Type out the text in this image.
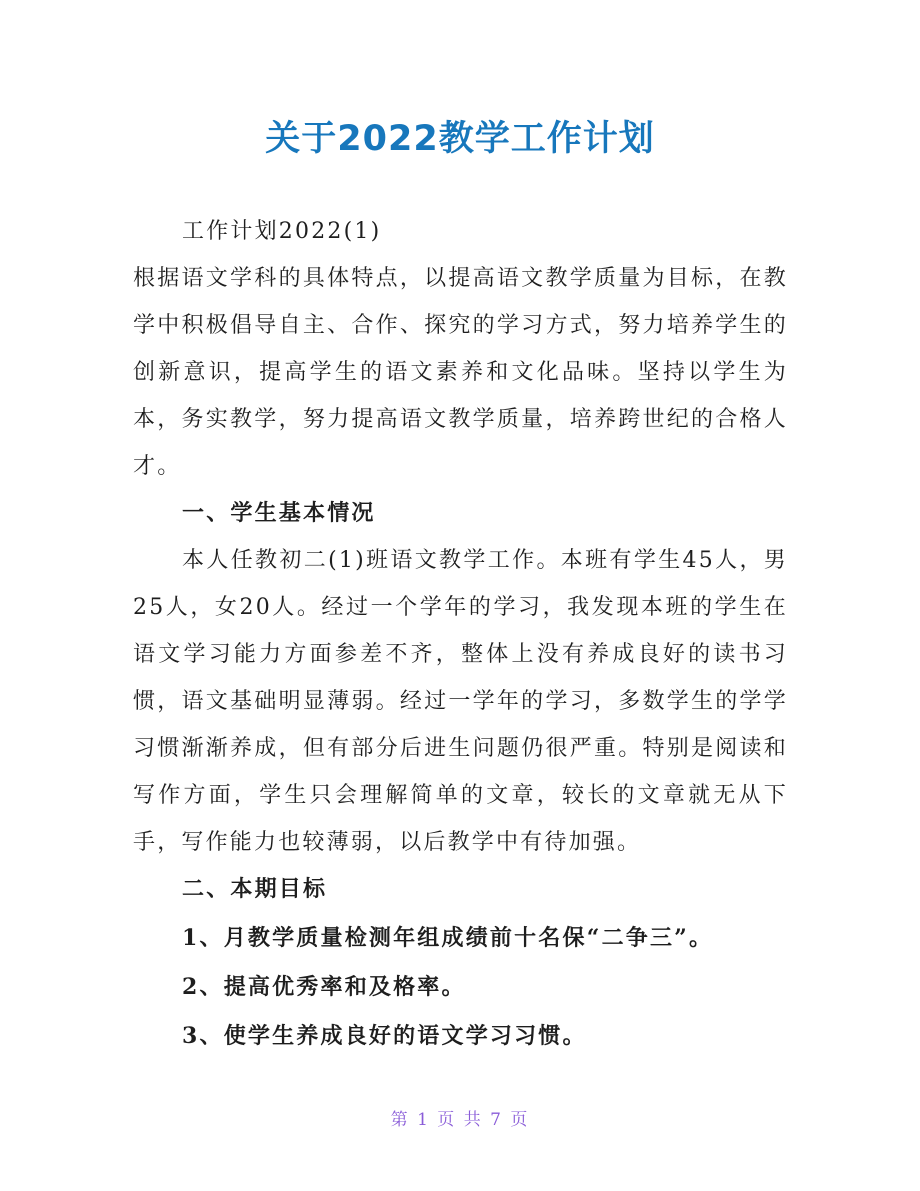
关于2022教学工作计划

工作计划2022(1)

根据语文学科的具体特点，以提高语文教学质量为目标，在教学中积极倡导自主、合作、探究的学习方式，努力培养学生的创新意识，提高学生的语文素养和文化品味。坚持以学生为本，务实教学，努力提高语文教学质量，培养跨世纪的合格人才。

一、学生基本情况

本人任教初二(1)班语文教学工作。本班有学生45人，男25人，女20人。经过一个学年的学习，我发现本班的学生在语文学习能力方面参差不齐，整体上没有养成良好的读书习惯，语文基础明显薄弱。经过一学年的学习，多数学生的学学习惯渐渐养成，但有部分后进生问题仍很严重。特别是阅读和写作方面，学生只会理解简单的文章，较长的文章就无从下手，写作能力也较薄弱，以后教学中有待加强。

二、本期目标

1、月教学质量检测年组成绩前十名保“二争三”。

2、提高优秀率和及格率。

3、使学生养成良好的语文学习习惯。

第 1 页 共 7 页
